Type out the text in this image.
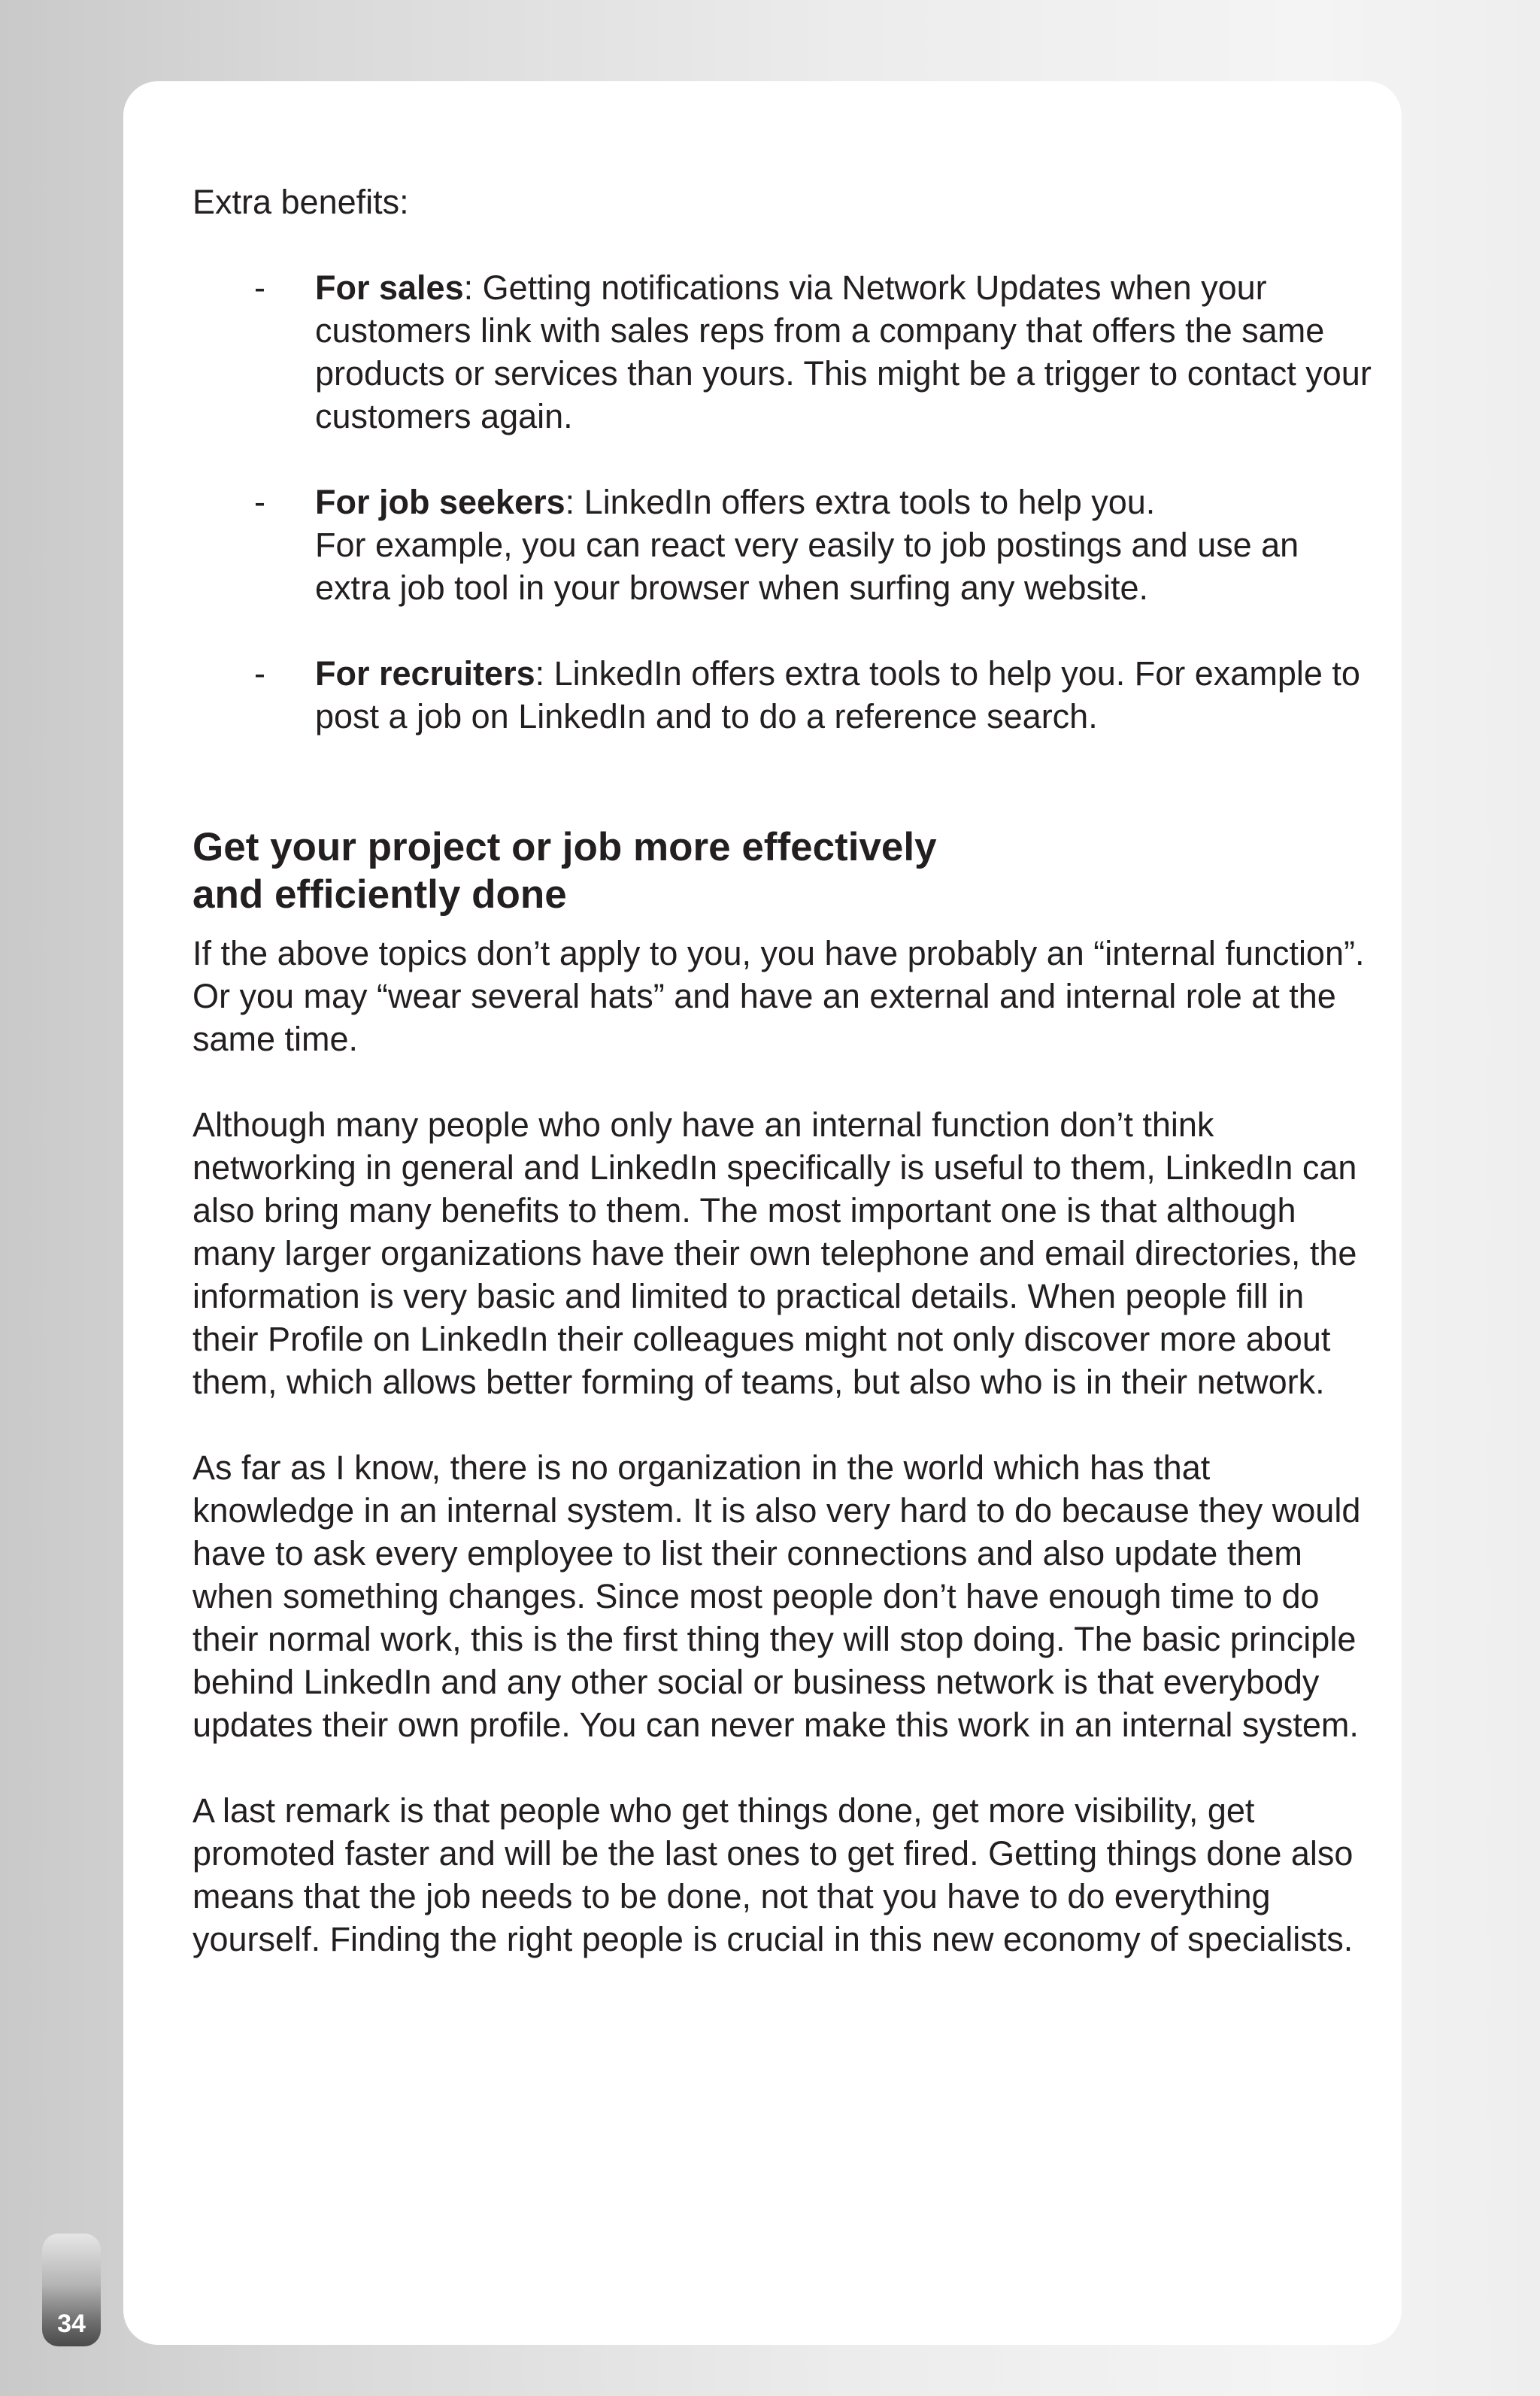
Extra benefits:

- For sales: Getting notifications via Network Updates when your customers link with sales reps from a company that offers the same products or services than yours. This might be a trigger to contact your customers again.
- For job seekers: LinkedIn offers extra tools to help you.
For example, you can react very easily to job postings and use an extra job tool in your browser when surfing any website.
- For recruiters: LinkedIn offers extra tools to help you. For example to post a job on LinkedIn and to do a reference search.
Get your project or job more effectively
and efficiently done

If the above topics don’t apply to you, you have probably an “internal function”. Or you may “wear several hats” and have an external and internal role at the same time.

Although many people who only have an internal function don’t think networking in general and LinkedIn specifically is useful to them, LinkedIn can also bring many benefits to them. The most important one is that although many larger organizations have their own telephone and email directories, the information is very basic and limited to practical details. When people fill in their Profile on LinkedIn their colleagues might not only discover more about them, which allows better forming of teams, but also who is in their network.

As far as I know, there is no organization in the world which has that knowledge in an internal system. It is also very hard to do because they would have to ask every employee to list their connections and also update them when something changes. Since most people don’t have enough time to do their normal work, this is the first thing they will stop doing. The basic principle behind LinkedIn and any other social or business network is that everybody updates their own profile. You can never make this work in an internal system.

A last remark is that people who get things done, get more visibility, get promoted faster and will be the last ones to get fired. Getting things done also means that the job needs to be done, not that you have to do everything yourself. Finding the right people is crucial in this new economy of specialists.

34
